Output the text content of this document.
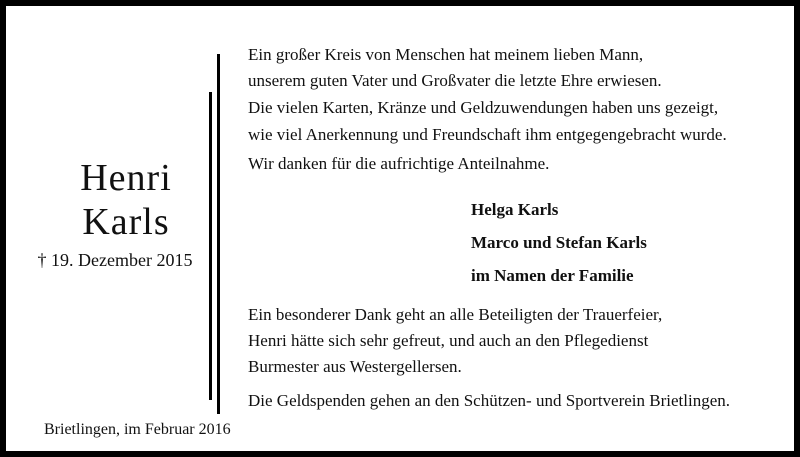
Henri
Karls
† 19. Dezember 2015
Brietlingen, im Februar 2016
Ein großer Kreis von Menschen hat meinem lieben Mann,
unserem guten Vater und Großvater die letzte Ehre erwiesen.
Die vielen Karten, Kränze und Geldzuwendungen haben uns gezeigt,
wie viel Anerkennung und Freundschaft ihm entgegengebracht wurde.
Wir danken für die aufrichtige Anteilnahme.
Helga Karls
Marco und Stefan Karls
im Namen der Familie
Ein besonderer Dank geht an alle Beteiligten der Trauerfeier,
Henri hätte sich sehr gefreut, und auch an den Pflegedienst
Burmester aus Westergellersen.
Die Geldspenden gehen an den Schützen- und Sportverein Brietlingen.
